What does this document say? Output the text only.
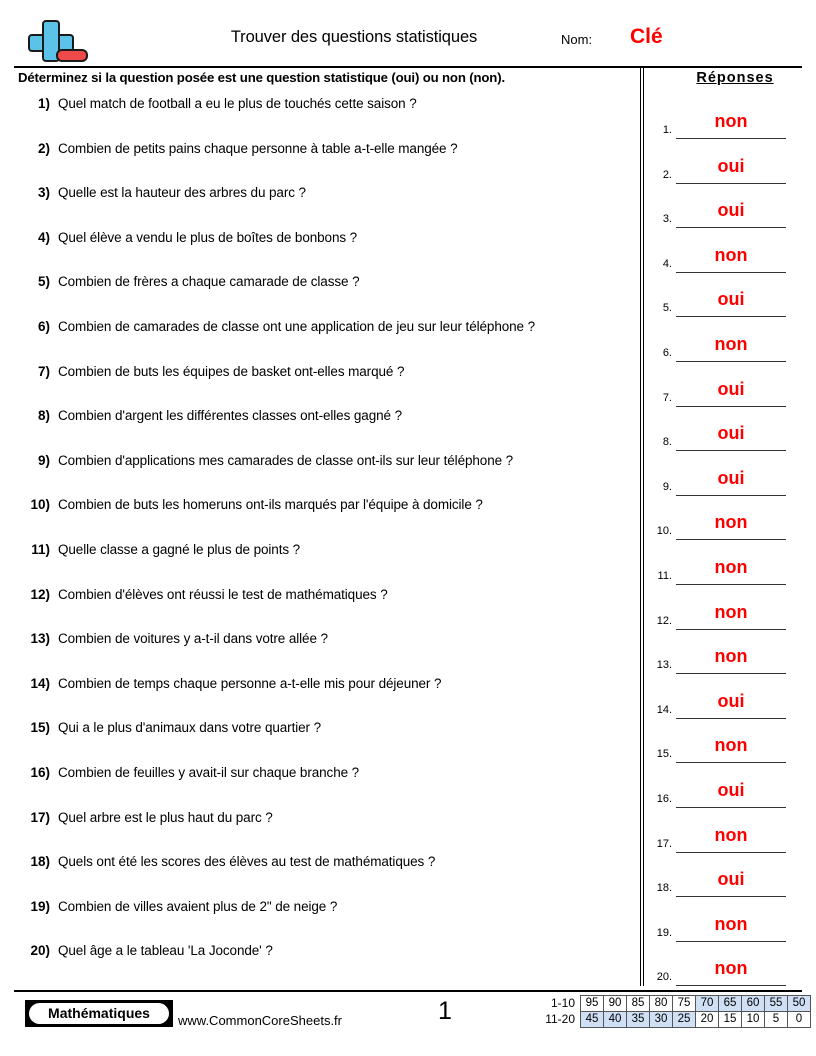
Trouver des questions statistiques	Nom: Clé
Déterminez si la question posée est une question statistique (oui) ou non (non).	Réponses
1) Quel match de football a eu le plus de touchés cette saison ?
2) Combien de petits pains chaque personne à table a-t-elle mangée ?
3) Quelle est la hauteur des arbres du parc ?
4) Quel élève a vendu le plus de boîtes de bonbons ?
5) Combien de frères a chaque camarade de classe ?
6) Combien de camarades de classe ont une application de jeu sur leur téléphone ?
7) Combien de buts les équipes de basket ont-elles marqué ?
8) Combien d'argent les différentes classes ont-elles gagné ?
9) Combien d'applications mes camarades de classe ont-ils sur leur téléphone ?
10) Combien de buts les homeruns ont-ils marqués par l'équipe à domicile ?
11) Quelle classe a gagné le plus de points ?
12) Combien d'élèves ont réussi le test de mathématiques ?
13) Combien de voitures y a-t-il dans votre allée ?
14) Combien de temps chaque personne a-t-elle mis pour déjeuner ?
15) Qui a le plus d'animaux dans votre quartier ?
16) Combien de feuilles y avait-il sur chaque branche ?
17) Quel arbre est le plus haut du parc ?
18) Quels ont été les scores des élèves au test de mathématiques ?
19) Combien de villes avaient plus de 2" de neige ?
20) Quel âge a le tableau 'La Joconde' ?
1.	non
2.	oui
3.	oui
4.	non
5.	oui
6.	non
7.	oui
8.	oui
9.	oui
10.	non
11.	non
12.	non
13.	non
14.	oui
15.	non
16.	oui
17.	non
18.	oui
19.	non
20.	non
Mathématiques	www.CommonCoreSheets.fr	1	1-10	95	90	85	80	75	70	65	60	55	50
11-20	45	40	35	30	25	20	15	10	5	0
